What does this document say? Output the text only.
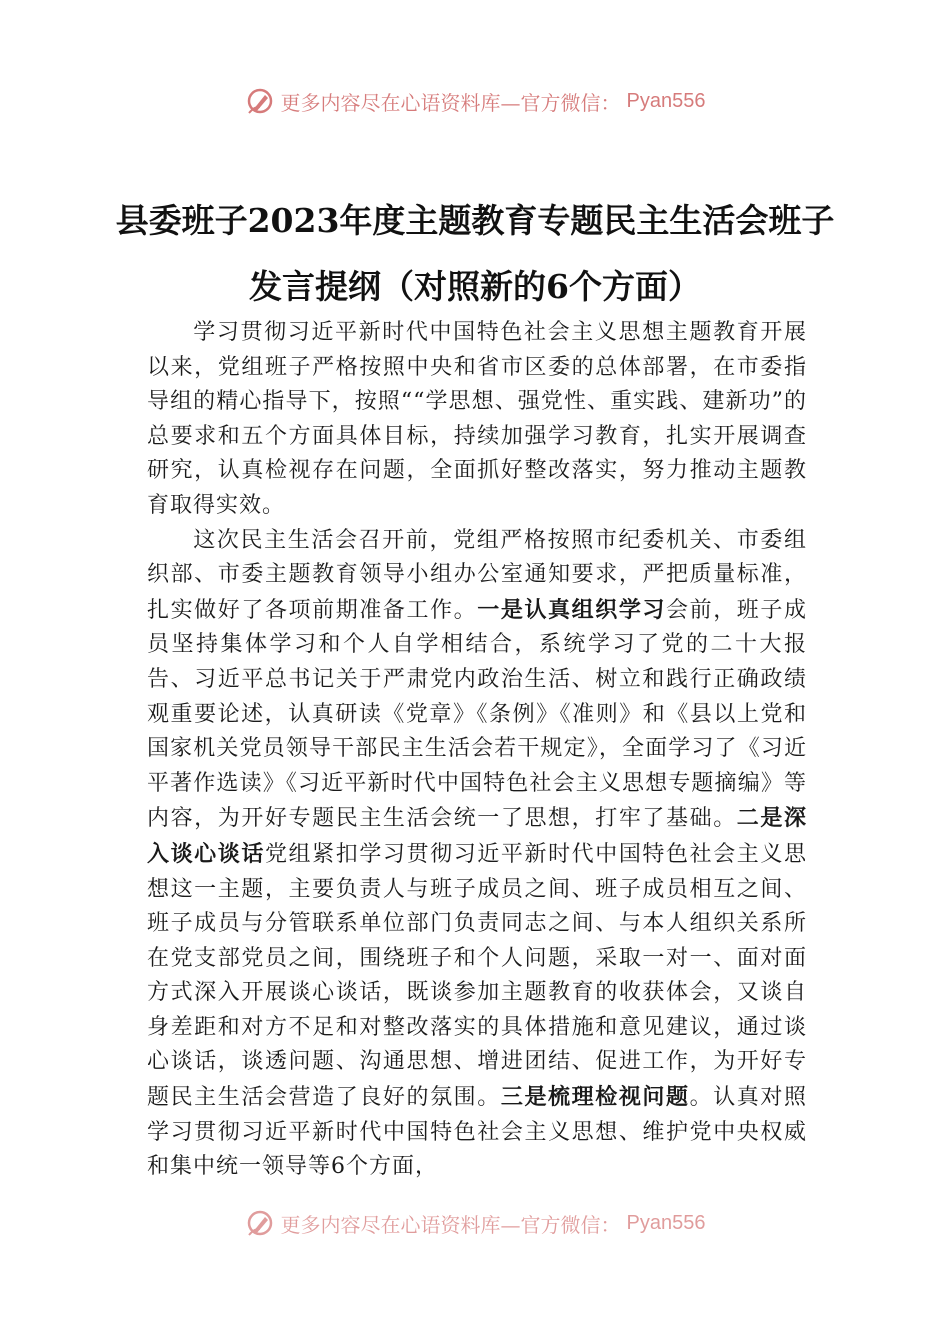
更多内容尽在心语资料库—官方微信： Pyan556
县委班子2023年度主题教育专题民主生活会班子发言提纲（对照新的6个方面）

学习贯彻习近平新时代中国特色社会主义思想主题教育开展以来，党组班子严格按照中央和省市区委的总体部署，在市委指导组的精心指导下，按照““学思想、强党性、重实践、建新功”的总要求和五个方面具体目标，持续加强学习教育，扎实开展调查研究，认真检视存在问题，全面抓好整改落实，努力推动主题教育取得实效。

这次民主生活会召开前，党组严格按照市纪委机关、市委组织部、市委主题教育领导小组办公室通知要求，严把质量标准，扎实做好了各项前期准备工作。一是认真组织学习会前，班子成员坚持集体学习和个人自学相结合，系统学习了党的二十大报告、习近平总书记关于严肃党内政治生活、树立和践行正确政绩观重要论述，认真研读《党章》《条例》《准则》和《县以上党和国家机关党员领导干部民主生活会若干规定》，全面学习了《习近平著作选读》《习近平新时代中国特色社会主义思想专题摘编》等内容，为开好专题民主生活会统一了思想，打牢了基础。二是深入谈心谈话党组紧扣学习贯彻习近平新时代中国特色社会主义思想这一主题，主要负责人与班子成员之间、班子成员相互之间、班子成员与分管联系单位部门负责同志之间、与本人组织关系所在党支部党员之间，围绕班子和个人问题，采取一对一、面对面方式深入开展谈心谈话，既谈参加主题教育的收获体会，又谈自身差距和对方不足和对整改落实的具体措施和意见建议，通过谈心谈话，谈透问题、沟通思想、增进团结、促进工作，为开好专题民主生活会营造了良好的氛围。三是梳理检视问题。认真对照学习贯彻习近平新时代中国特色社会主义思想、维护党中央权威和集中统一领导等6个方面，

更多内容尽在心语资料库—官方微信： Pyan556
